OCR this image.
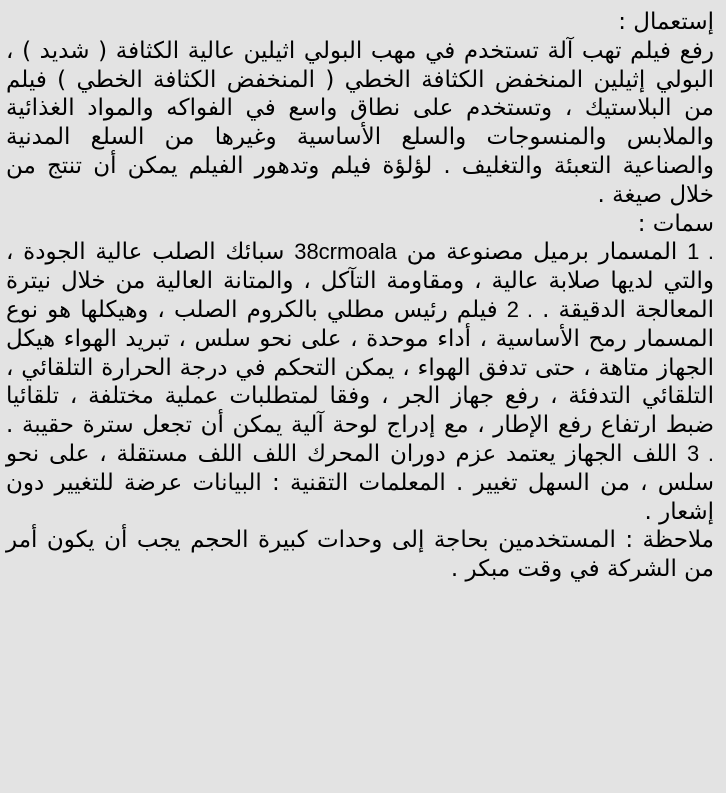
إستعمال :

رفع فيلم تهب آلة تستخدم في مهب البولي اثيلين عالية الكثافة ( شديد ) ، البولي إثيلين المنخفض الكثافة الخطي ( المنخفض الكثافة الخطي ) فيلم من البلاستيك ، وتستخدم على نطاق واسع في الفواكه والمواد الغذائية والملابس والمنسوجات والسلع الأساسية وغيرها من السلع المدنية والصناعية التعبئة والتغليف . لؤلؤة فيلم وتدهور الفيلم يمكن أن تنتج من خلال صيغة .

سمات :

1 . المسمار برميل مصنوعة من 38crmoala سبائك الصلب عالية الجودة ، والتي لديها صلابة عالية ، ومقاومة التآكل ، والمتانة العالية من خلال نيترة المعالجة الدقيقة . 2 . فيلم رئيس مطلي بالكروم الصلب ، وهيكلها هو نوع المسمار رمح الأساسية ، أداء موحدة ، على نحو سلس ، تبريد الهواء هيكل الجهاز متاهة ، حتى تدفق الهواء ، يمكن التحكم في درجة الحرارة التلقائي ، التلقائي التدفئة ، رفع جهاز الجر ، وفقا لمتطلبات عملية مختلفة ، تلقائيا ضبط ارتفاع رفع الإطار ، مع إدراج لوحة آلية يمكن أن تجعل سترة حقيبة . 3 . اللف الجهاز يعتمد عزم دوران المحرك اللف اللف مستقلة ، على نحو سلس ، من السهل تغيير . المعلمات التقنية : البيانات عرضة للتغيير دون إشعار .

ملاحظة : المستخدمين بحاجة إلى وحدات كبيرة الحجم يجب أن يكون أمر من الشركة في وقت مبكر .
